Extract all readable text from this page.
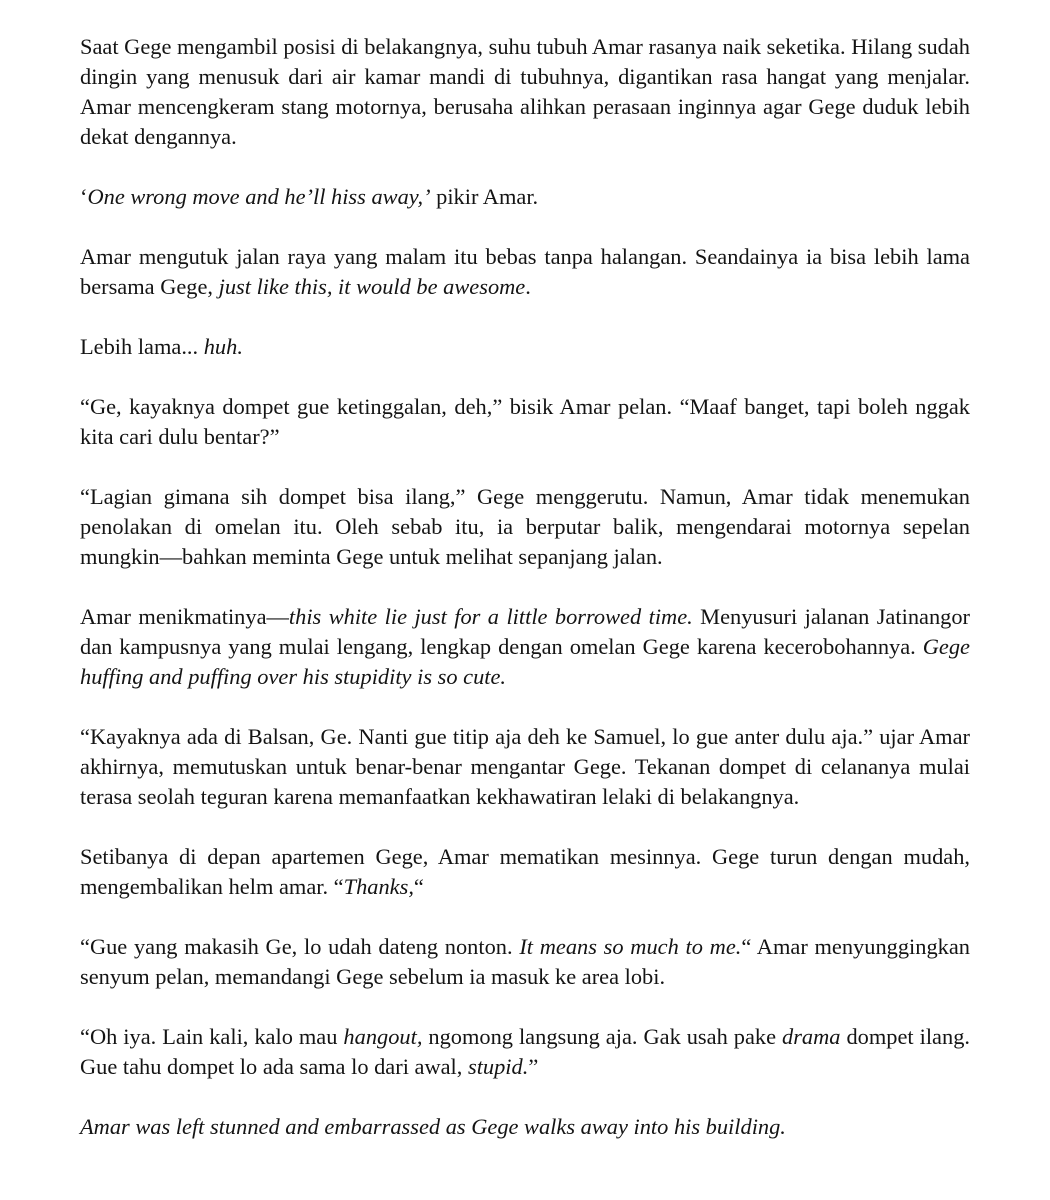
Saat Gege mengambil posisi di belakangnya, suhu tubuh Amar rasanya naik seketika. Hilang sudah dingin yang menusuk dari air kamar mandi di tubuhnya, digantikan rasa hangat yang menjalar. Amar mencengkeram stang motornya, berusaha alihkan perasaan inginnya agar Gege duduk lebih dekat dengannya.

‘One wrong move and he’ll hiss away,’ pikir Amar.

Amar mengutuk jalan raya yang malam itu bebas tanpa halangan. Seandainya ia bisa lebih lama bersama Gege, just like this, it would be awesome.

Lebih lama... huh.

“Ge, kayaknya dompet gue ketinggalan, deh,” bisik Amar pelan. “Maaf banget, tapi boleh nggak kita cari dulu bentar?”

“Lagian gimana sih dompet bisa ilang,” Gege menggerutu. Namun, Amar tidak menemukan penolakan di omelan itu. Oleh sebab itu, ia berputar balik, mengendarai motornya sepelan mungkin—bahkan meminta Gege untuk melihat sepanjang jalan.

Amar menikmatinya—this white lie just for a little borrowed time. Menyusuri jalanan Jatinangor dan kampusnya yang mulai lengang, lengkap dengan omelan Gege karena kecerobohannya. Gege huffing and puffing over his stupidity is so cute.

“Kayaknya ada di Balsan, Ge. Nanti gue titip aja deh ke Samuel, lo gue anter dulu aja.” ujar Amar akhirnya, memutuskan untuk benar-benar mengantar Gege. Tekanan dompet di celananya mulai terasa seolah teguran karena memanfaatkan kekhawatiran lelaki di belakangnya.

Setibanya di depan apartemen Gege, Amar mematikan mesinnya. Gege turun dengan mudah, mengembalikan helm amar. “Thanks,“

“Gue yang makasih Ge, lo udah dateng nonton. It means so much to me.“ Amar menyunggingkan senyum pelan, memandangi Gege sebelum ia masuk ke area lobi.

“Oh iya. Lain kali, kalo mau hangout, ngomong langsung aja. Gak usah pake drama dompet ilang. Gue tahu dompet lo ada sama lo dari awal, stupid.”

Amar was left stunned and embarrassed as Gege walks away into his building.
